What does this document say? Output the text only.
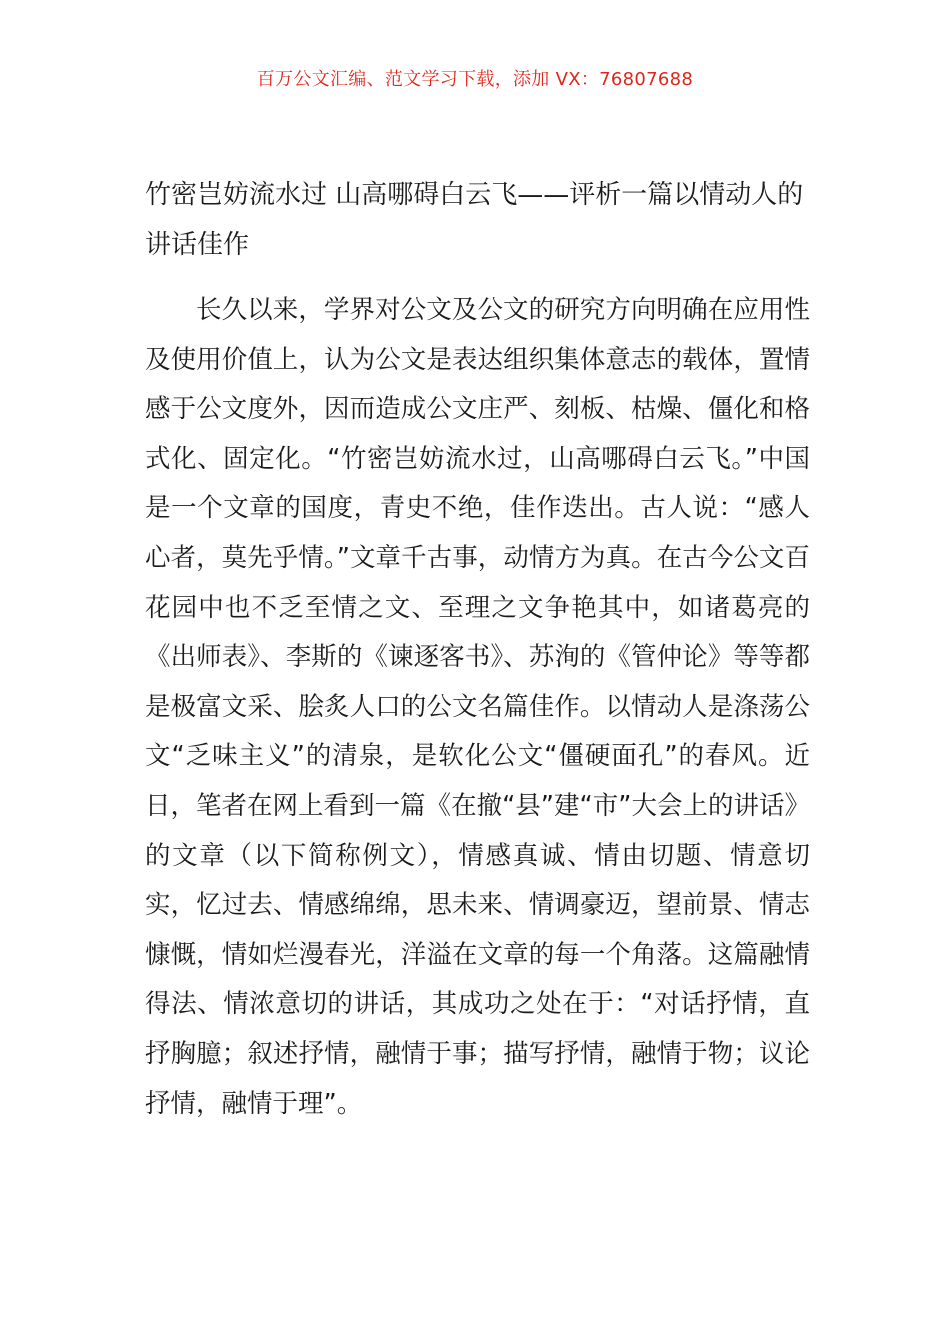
百万公文汇编、范文学习下载，添加 VX：76807688
竹密岂妨流水过 山高哪碍白云飞——评析一篇以情动人的讲话佳作

长久以来，学界对公文及公文的研究方向明确在应用性及使用价值上，认为公文是表达组织集体意志的载体，置情感于公文度外，因而造成公文庄严、刻板、枯燥、僵化和格式化、固定化。“竹密岂妨流水过，山高哪碍白云飞。”中国是一个文章的国度，青史不绝，佳作迭出。古人说：“感人心者，莫先乎情。”文章千古事，动情方为真。在古今公文百花园中也不乏至情之文、至理之文争艳其中，如诸葛亮的《出师表》、李斯的《谏逐客书》、苏洵的《管仲论》等等都是极富文采、脍炙人口的公文名篇佳作。以情动人是涤荡公文“乏味主义”的清泉，是软化公文“僵硬面孔”的春风。近日，笔者在网上看到一篇《在撤“县”建“市”大会上的讲话》的文章（以下简称例文），情感真诚、情由切题、情意切实，忆过去、情感绵绵，思未来、情调豪迈，望前景、情志慷慨，情如烂漫春光，洋溢在文章的每一个角落。这篇融情得法、情浓意切的讲话，其成功之处在于：“对话抒情，直抒胸臆；叙述抒情，融情于事；描写抒情，融情于物；议论抒情，融情于理”。
